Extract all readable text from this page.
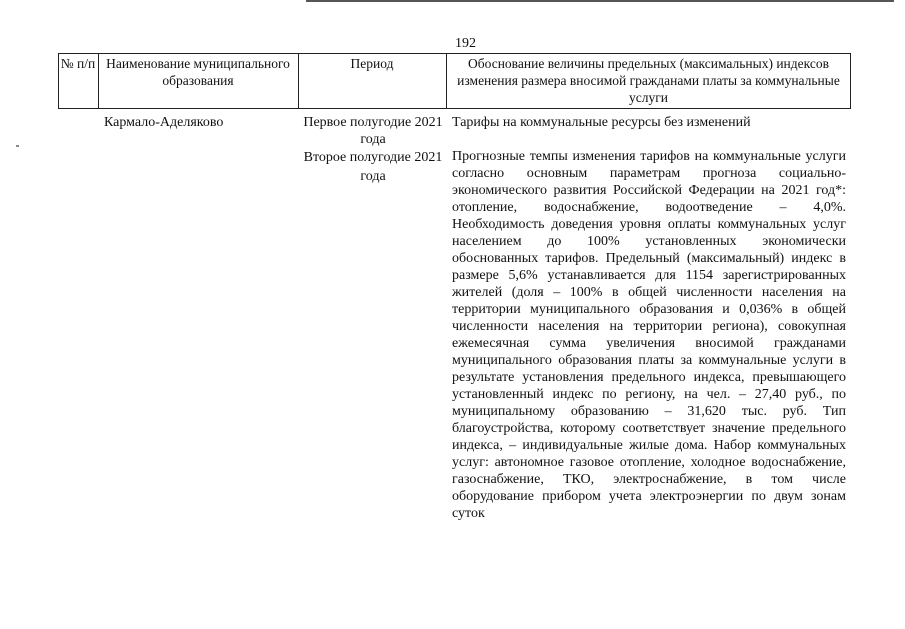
192
№ п/п Наименование муниципального образования
Период	Обоснование величины предельных (максимальных) индексов изменения размера вносимой гражданами платы за коммунальные услуги
Кармало-Аделяково	Первое полугодие 2021 года
Второе полугодие 2021 года
Тарифы на коммунальные ресурсы без изменений
Прогнозные темпы изменения тарифов на коммунальные услуги согласно основным параметрам прогноза социально-экономического развития Российской Федерации на 2021 год*: отопление, водоснабжение, водоотведение – 4,0%. Необходимость доведения уровня оплаты коммунальных услуг населением до 100% установленных экономически обоснованных тарифов. Предельный (максимальный) индекс в размере 5,6% устанавливается для 1154 зарегистрированных жителей (доля – 100% в общей численности населения на территории муниципального образования и 0,036% в общей численности населения на территории региона), совокупная ежемесячная сумма увеличения вносимой гражданами муниципального образования платы за коммунальные услуги в результате установления предельного индекса, превышающего установленный индекс по региону, на чел. – 27,40 руб., по муниципальному образованию – 31,620 тыс. руб. Тип благоустройства, которому соответствует значение предельного индекса, – индивидуальные жилые дома. Набор коммунальных услуг: автономное газовое отопление, холодное водоснабжение, газоснабжение, ТКО, электроснабжение, в том числе оборудование прибором учета электроэнергии по двум зонам суток
